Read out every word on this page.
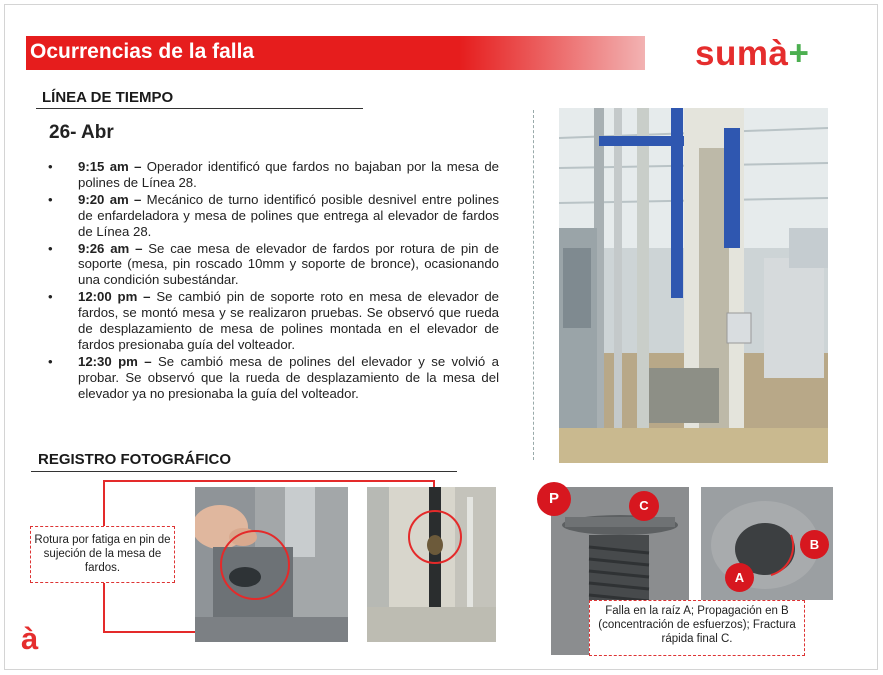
Ocurrencias de la falla	sumà+
LÍNEA DE TIEMPO
26- Abr
• 9:15 am – Operador identificó que fardos no bajaban por la mesa de polines de Línea 28.
• 9:20 am – Mecánico de turno identificó posible desnivel entre polines de enfardeladora y mesa de polines que entrega al elevador de fardos de Línea 28.
• 9:26 am – Se cae mesa de elevador de fardos por rotura de pin de soporte (mesa, pin roscado 10mm y soporte de bronce), ocasionando una condición subestándar.
• 12:00 pm – Se cambió pin de soporte roto en mesa de elevador de fardos, se montó mesa y se realizaron pruebas. Se observó que rueda de desplazamiento de mesa de polines montada en el elevador de fardos presionaba guía del volteador.
• 12:30 pm – Se cambió mesa de polines del elevador y se volvió a probar. Se observó que la rueda de desplazamiento de la mesa del elevador ya no presionaba la guía del volteador.
REGISTRO FOTOGRÁFICO
Rotura por fatiga en pin de sujeción de la mesa de fardos.
P	C
B
A
Falla en la raíz A; Propagación en B (concentración de esfuerzos); Fractura rápida final C.
à
